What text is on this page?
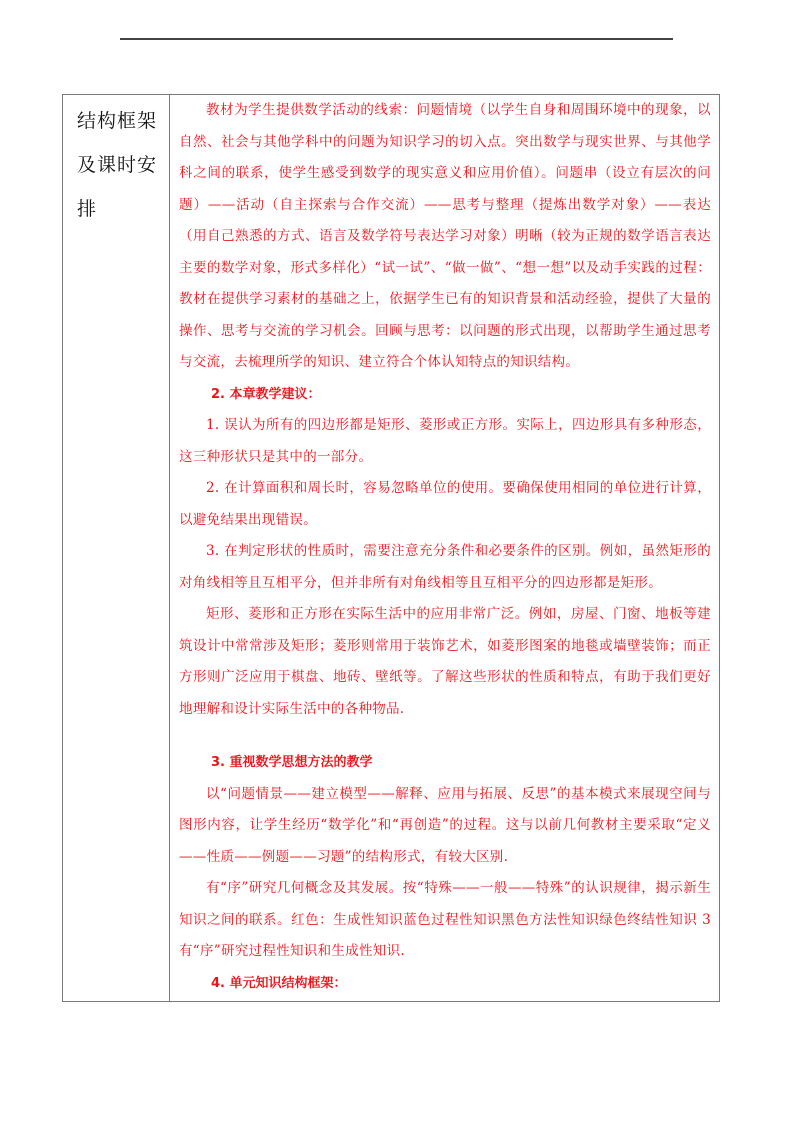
结构框架
及课时安
排

教材为学生提供数学活动的线索：问题情境（以学生自身和周围环境中的现象，以自然、社会与其他学科中的问题为知识学习的切入点。突出数学与现实世界、与其他学科之间的联系，使学生感受到数学的现实意义和应用价值）。问题串（设立有层次的问题）——活动（自主探索与合作交流）——思考与整理（提炼出数学对象）——表达（用自己熟悉的方式、语言及数学符号表达学习对象）明晰（较为正规的数学语言表达主要的数学对象，形式多样化）“试一试”、“做一做”、“想一想”以及动手实践的过程：教材在提供学习素材的基础之上，依据学生已有的知识背景和活动经验，提供了大量的操作、思考与交流的学习机会。回顾与思考：以问题的形式出现，以帮助学生通过思考与交流，去梳理所学的知识、建立符合个体认知特点的知识结构。

2. 本章教学建议：

1. 误认为所有的四边形都是矩形、菱形或正方形。实际上，四边形具有多种形态，这三种形状只是其中的一部分。

2. 在计算面积和周长时，容易忽略单位的使用。要确保使用相同的单位进行计算，以避免结果出现错误。

3. 在判定形状的性质时，需要注意充分条件和必要条件的区别。例如，虽然矩形的对角线相等且互相平分，但并非所有对角线相等且互相平分的四边形都是矩形。

矩形、菱形和正方形在实际生活中的应用非常广泛。例如，房屋、门窗、地板等建筑设计中常常涉及矩形；菱形则常用于装饰艺术，如菱形图案的地毯或墙壁装饰；而正方形则广泛应用于棋盘、地砖、壁纸等。了解这些形状的性质和特点，有助于我们更好地理解和设计实际生活中的各种物品.

3. 重视数学思想方法的教学

以“问题情景——建立模型——解释、应用与拓展、反思”的基本模式来展现空间与图形内容，让学生经历“数学化”和“再创造”的过程。这与以前几何教材主要采取“定义——性质——例题——习题”的结构形式，有较大区别.

有“序”研究几何概念及其发展。按“特殊——一般——特殊”的认识规律，揭示新生知识之间的联系。红色：生成性知识蓝色过程性知识黑色方法性知识绿色终结性知识 3 有“序”研究过程性知识和生成性知识.

4. 单元知识结构框架：
